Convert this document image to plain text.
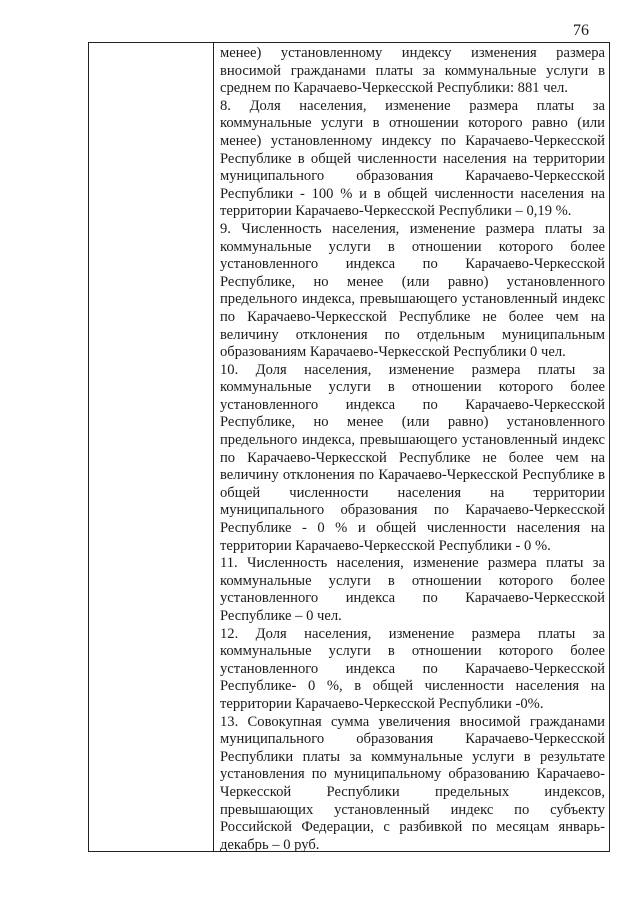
76

менее) установленному индексу изменения размера вносимой гражданами платы за коммунальные услуги в среднем по Карачаево-Черкесской Республики: 881 чел.

8. Доля населения, изменение размера платы за коммунальные услуги в отношении которого равно (или менее) установленному индексу по Карачаево-Черкесской Республике в общей численности населения на территории муниципального образования Карачаево-Черкесской Республики - 100 % и в общей численности населения на территории Карачаево-Черкесской Республики – 0,19 %.

9. Численность населения, изменение размера платы за коммунальные услуги в отношении которого более установленного индекса по Карачаево-Черкесской Республике, но менее (или равно) установленного предельного индекса, превышающего установленный индекс по Карачаево-Черкесской Республике не более чем на величину отклонения по отдельным муниципальным образованиям Карачаево-Черкесской Республики 0 чел.

10. Доля населения, изменение размера платы за коммунальные услуги в отношении которого более установленного индекса по Карачаево-Черкесской Республике, но менее (или равно) установленного предельного индекса, превышающего установленный индекс по Карачаево-Черкесской Республике не более чем на величину отклонения по Карачаево-Черкесской Республике в общей численности населения на территории муниципального образования по Карачаево-Черкесской Республике - 0 % и общей численности населения на территории Карачаево-Черкесской Республики - 0 %.

11. Численность населения, изменение размера платы за коммунальные услуги в отношении которого более установленного индекса по Карачаево-Черкесской Республике – 0 чел.

12. Доля населения, изменение размера платы за коммунальные услуги в отношении которого более установленного индекса по Карачаево-Черкесской Республике- 0 %, в общей численности населения на территории Карачаево-Черкесской Республики -0%.

13. Совокупная сумма увеличения вносимой гражданами муниципального образования Карачаево-Черкесской Республики платы за коммунальные услуги в результате установления по муниципальному образованию Карачаево-Черкесской Республики предельных индексов, превышающих установленный индекс по субъекту Российской Федерации, с разбивкой по месяцам январь-декабрь – 0 руб.
